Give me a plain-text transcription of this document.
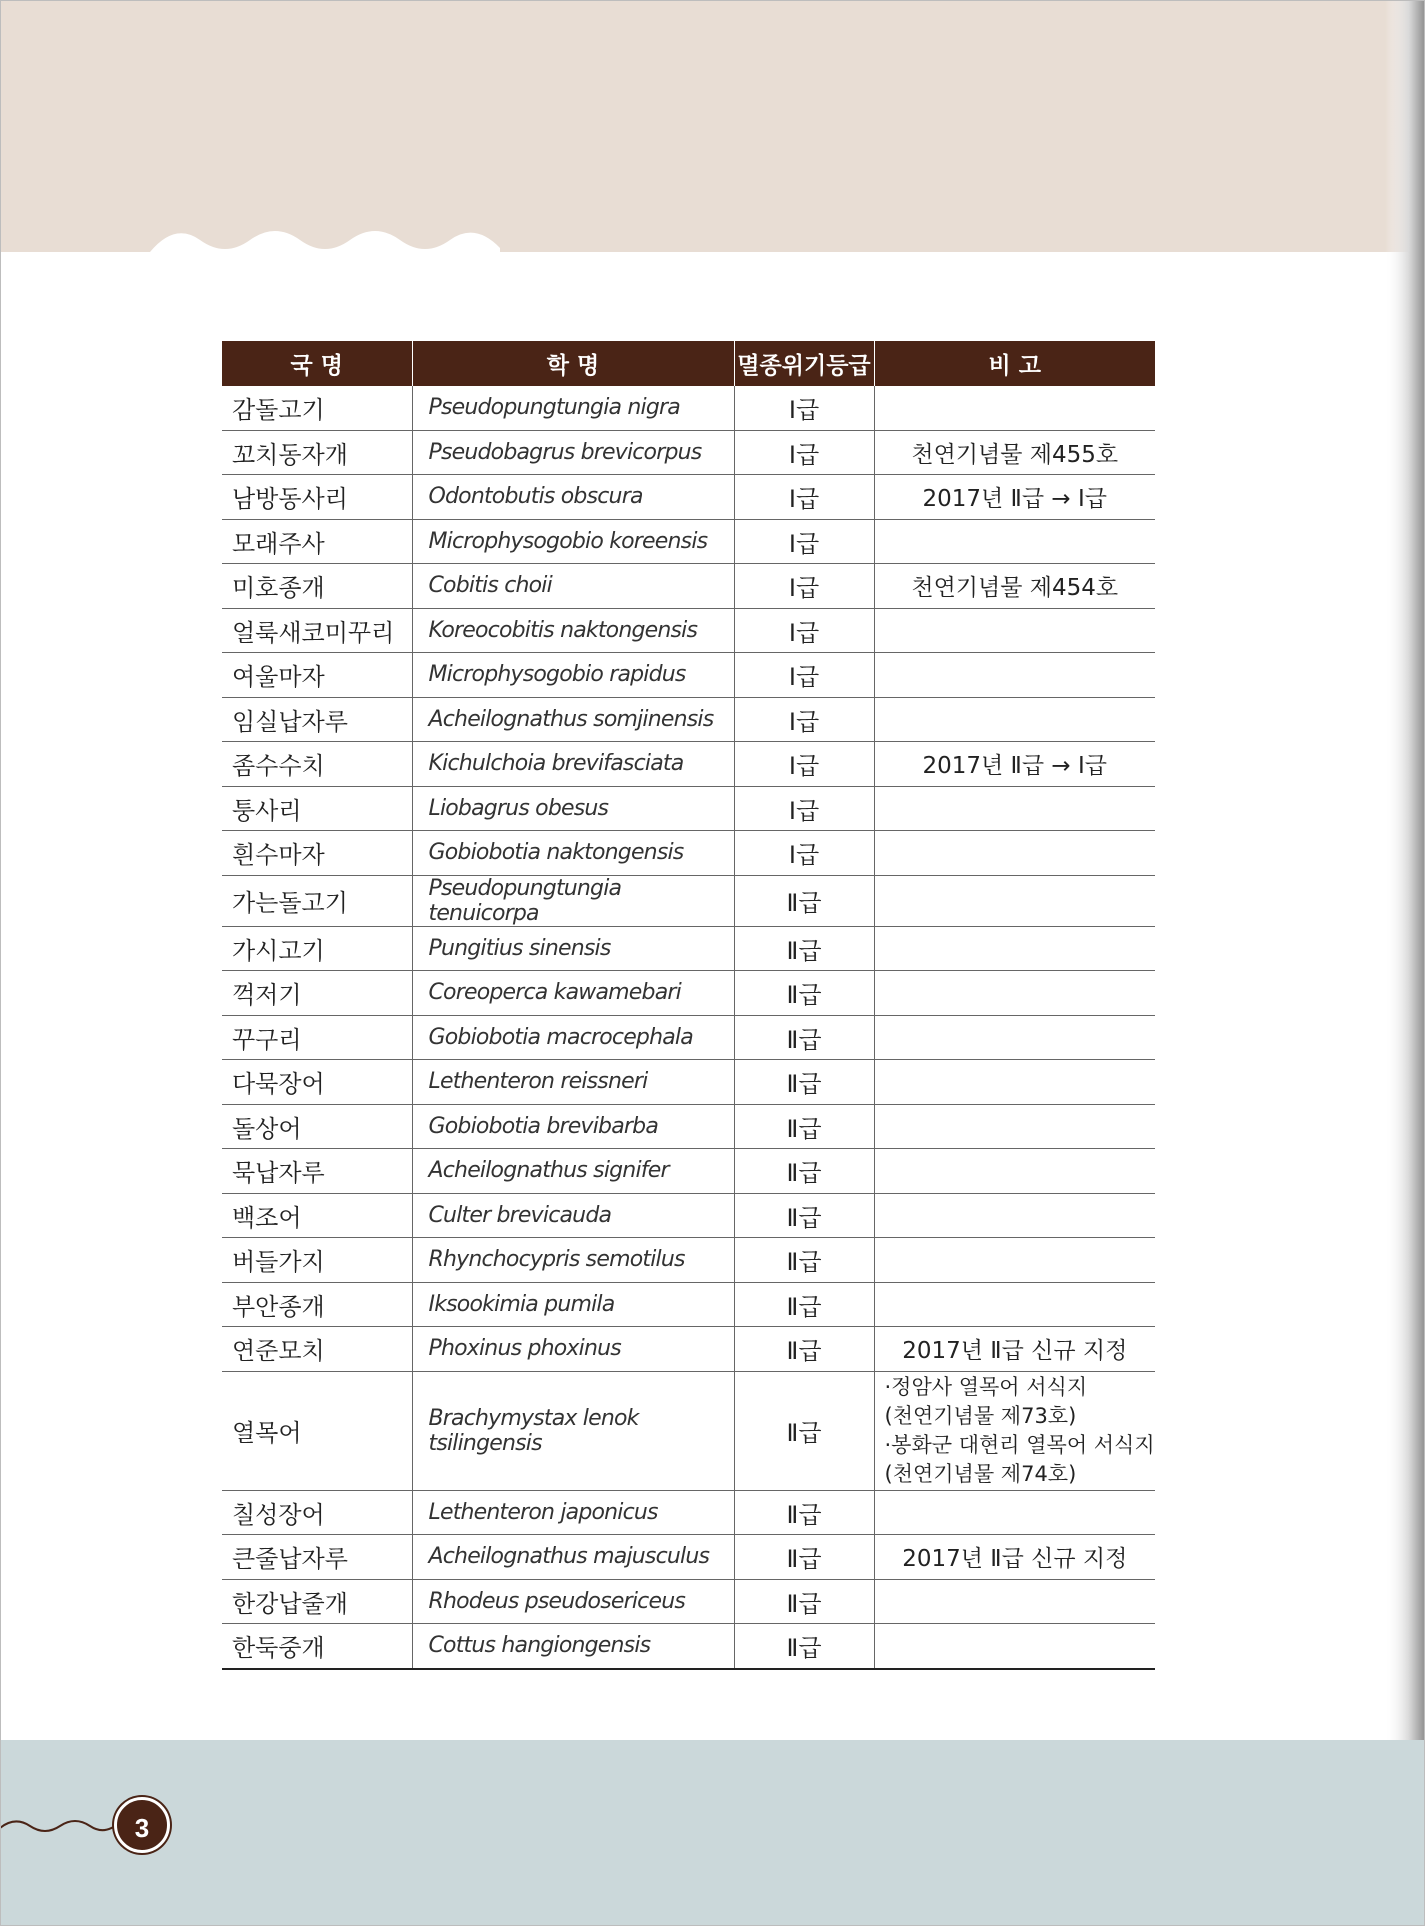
국 명	학 명	멸종위기등급	비 고
감돌고기	Pseudopungtungia nigra	Ⅰ급	
꼬치동자개	Pseudobagrus brevicorpus	Ⅰ급	천연기념물 제455호
남방동사리	Odontobutis obscura	Ⅰ급	2017년 Ⅱ급 → Ⅰ급
모래주사	Microphysogobio koreensis	Ⅰ급	
미호종개	Cobitis choii	Ⅰ급	천연기념물 제454호
얼룩새코미꾸리	Koreocobitis naktongensis	Ⅰ급	
여울마자	Microphysogobio rapidus	Ⅰ급	
임실납자루	Acheilognathus somjinensis	Ⅰ급	
좀수수치	Kichulchoia brevifasciata	Ⅰ급	2017년 Ⅱ급 → Ⅰ급
퉁사리	Liobagrus obesus	Ⅰ급	
흰수마자	Gobiobotia naktongensis	Ⅰ급	
가는돌고기	Pseudopungtungia tenuicorpa	Ⅱ급	
가시고기	Pungitius sinensis	Ⅱ급	
꺽저기	Coreoperca kawamebari	Ⅱ급	
꾸구리	Gobiobotia macrocephala	Ⅱ급	
다묵장어	Lethenteron reissneri	Ⅱ급	
돌상어	Gobiobotia brevibarba	Ⅱ급	
묵납자루	Acheilognathus signifer	Ⅱ급	
백조어	Culter brevicauda	Ⅱ급	
버들가지	Rhynchocypris semotilus	Ⅱ급	
부안종개	Iksookimia pumila	Ⅱ급	
연준모치	Phoxinus phoxinus	Ⅱ급	2017년 Ⅱ급 신규 지정
열목어	Brachymystax lenok tsilingensis	Ⅱ급	·정암사 열목어 서식지
(천연기념물 제73호)
·봉화군 대현리 열목어 서식지
(천연기념물 제74호)

칠성장어	Lethenteron japonicus	Ⅱ급	
큰줄납자루	Acheilognathus majusculus	Ⅱ급	2017년 Ⅱ급 신규 지정
한강납줄개	Rhodeus pseudosericeus	Ⅱ급	
한둑중개	Cottus hangiongensis	Ⅱ급	
3
